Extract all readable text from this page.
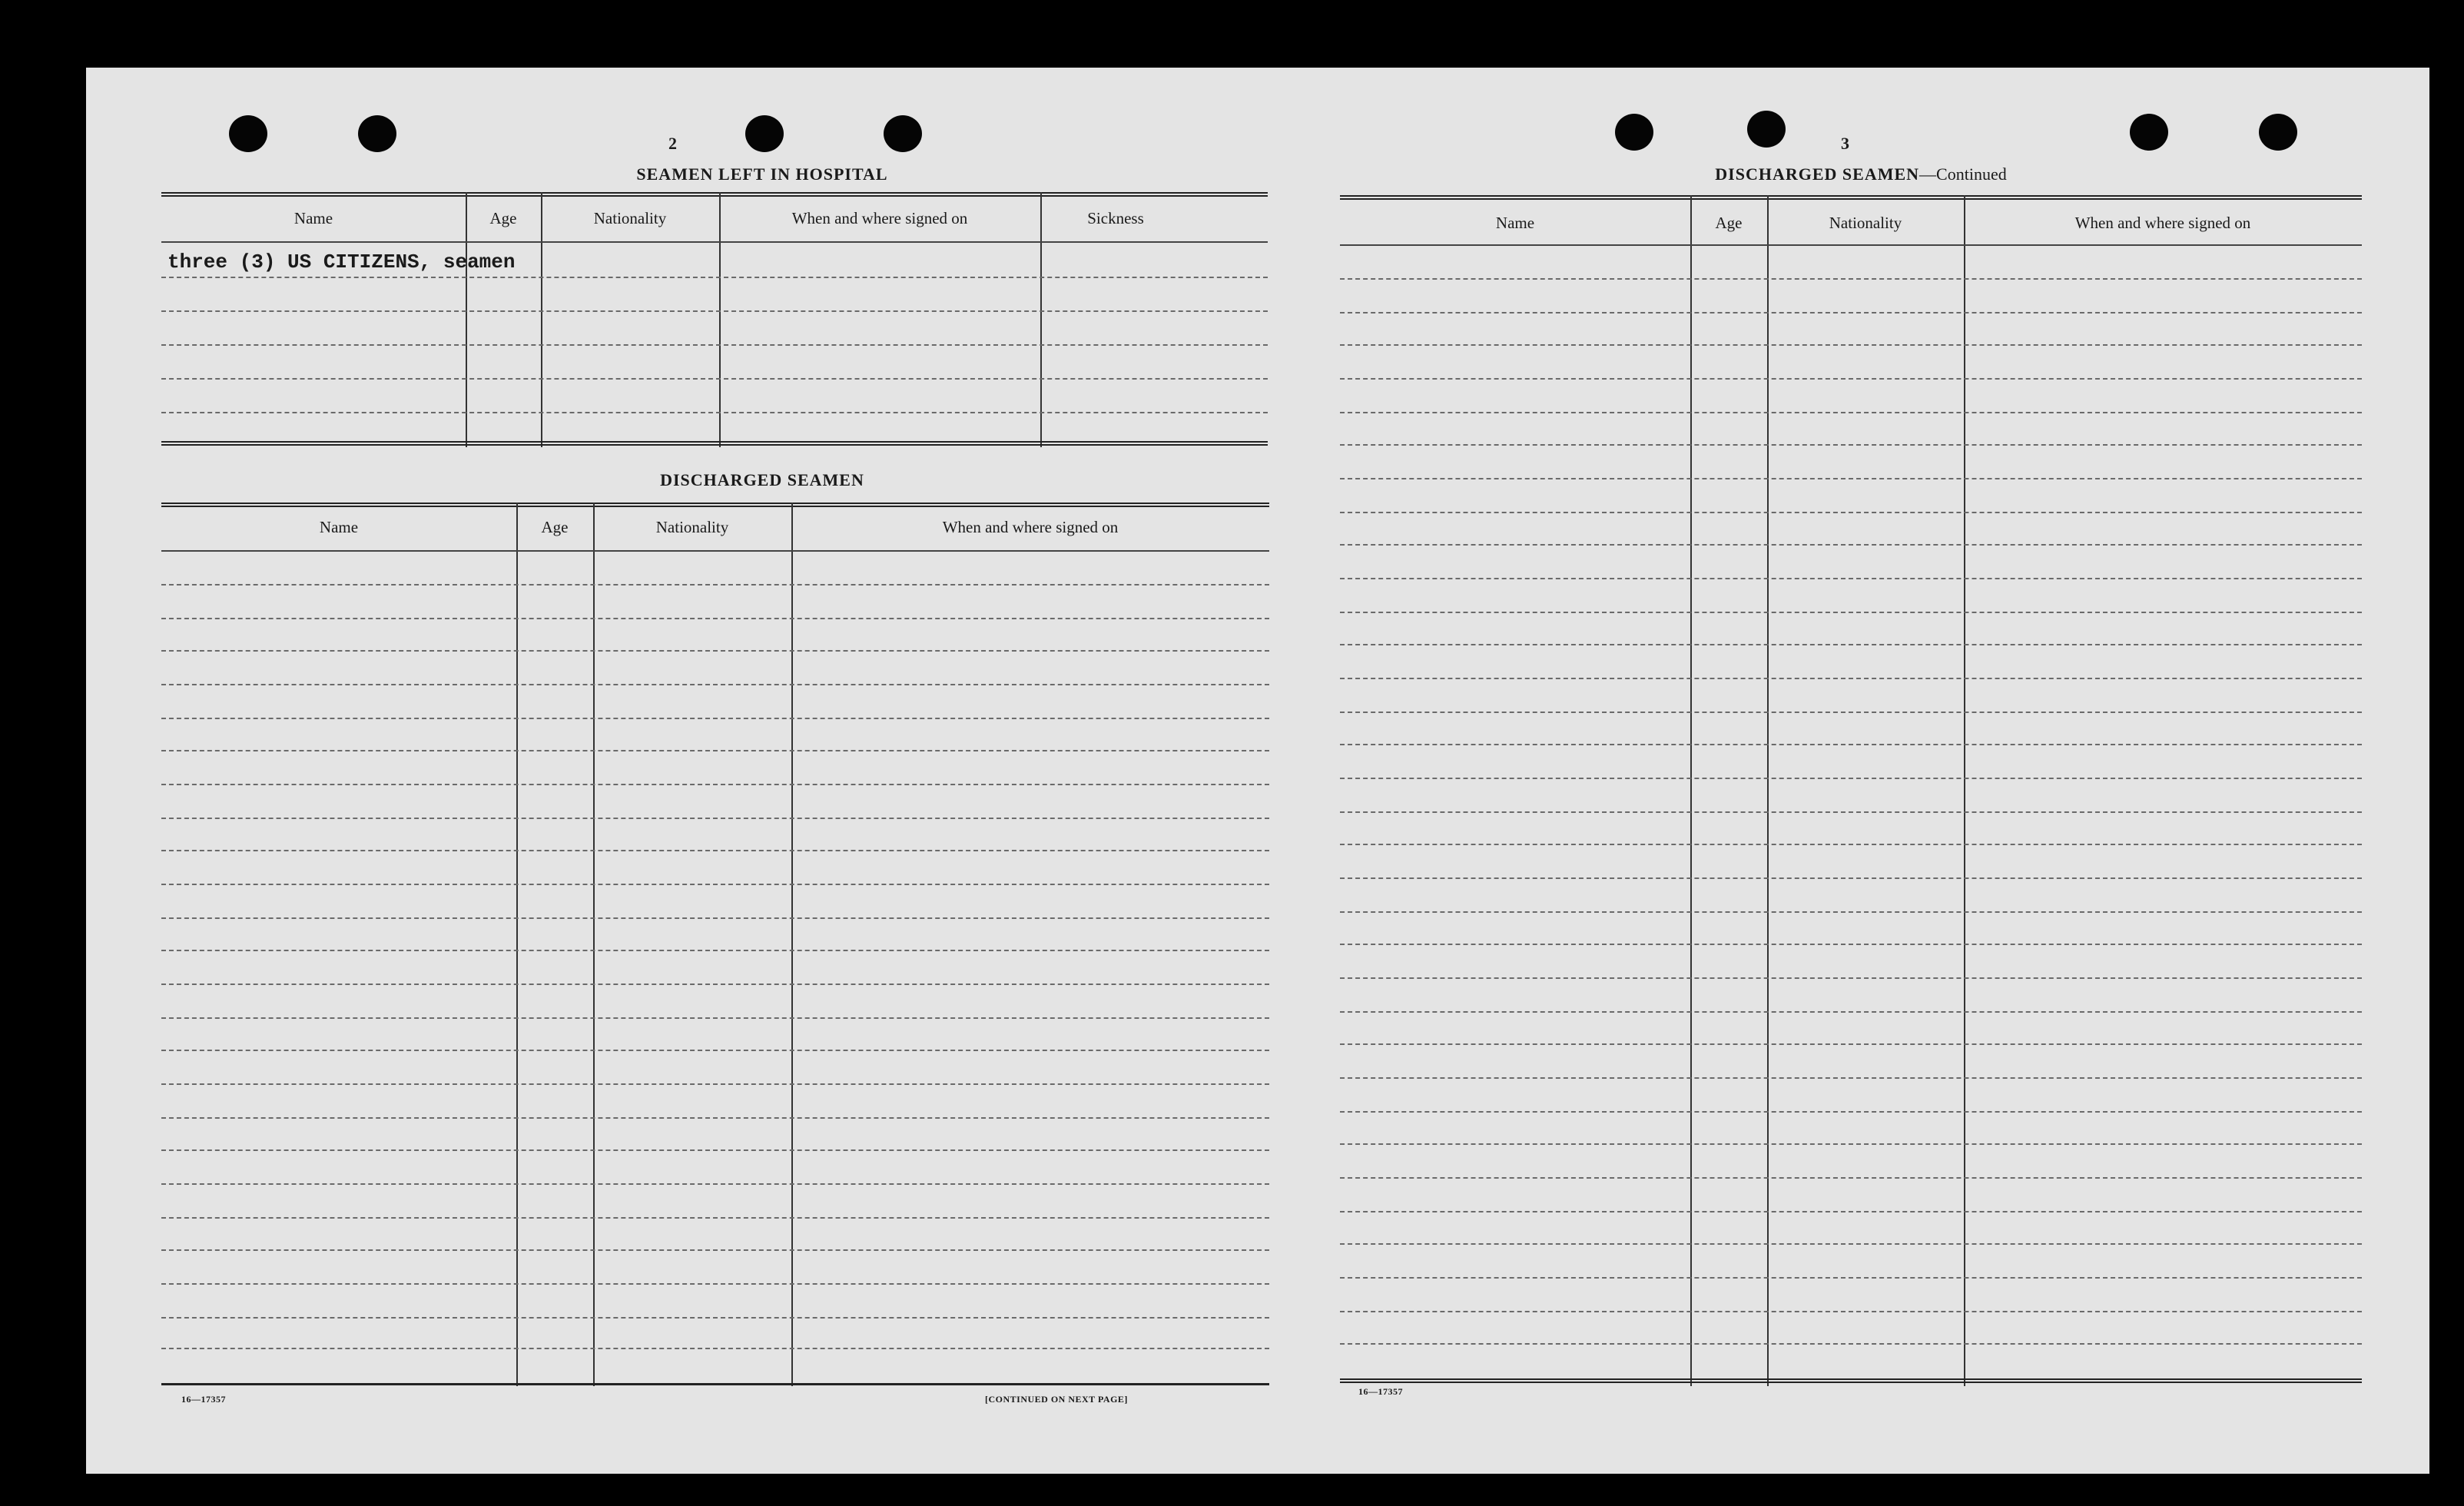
2
SEAMEN LEFT IN HOSPITAL
Name	Age	Nationality	When and where signed on	Sickness
three (3) US CITIZENS, seamen
DISCHARGED SEAMEN
Name	Age	Nationality	When and where signed on
16—17357	[CONTINUED ON NEXT PAGE]
3
DISCHARGED SEAMEN—Continued
Name	Age	Nationality	When and where signed on
16—17357
